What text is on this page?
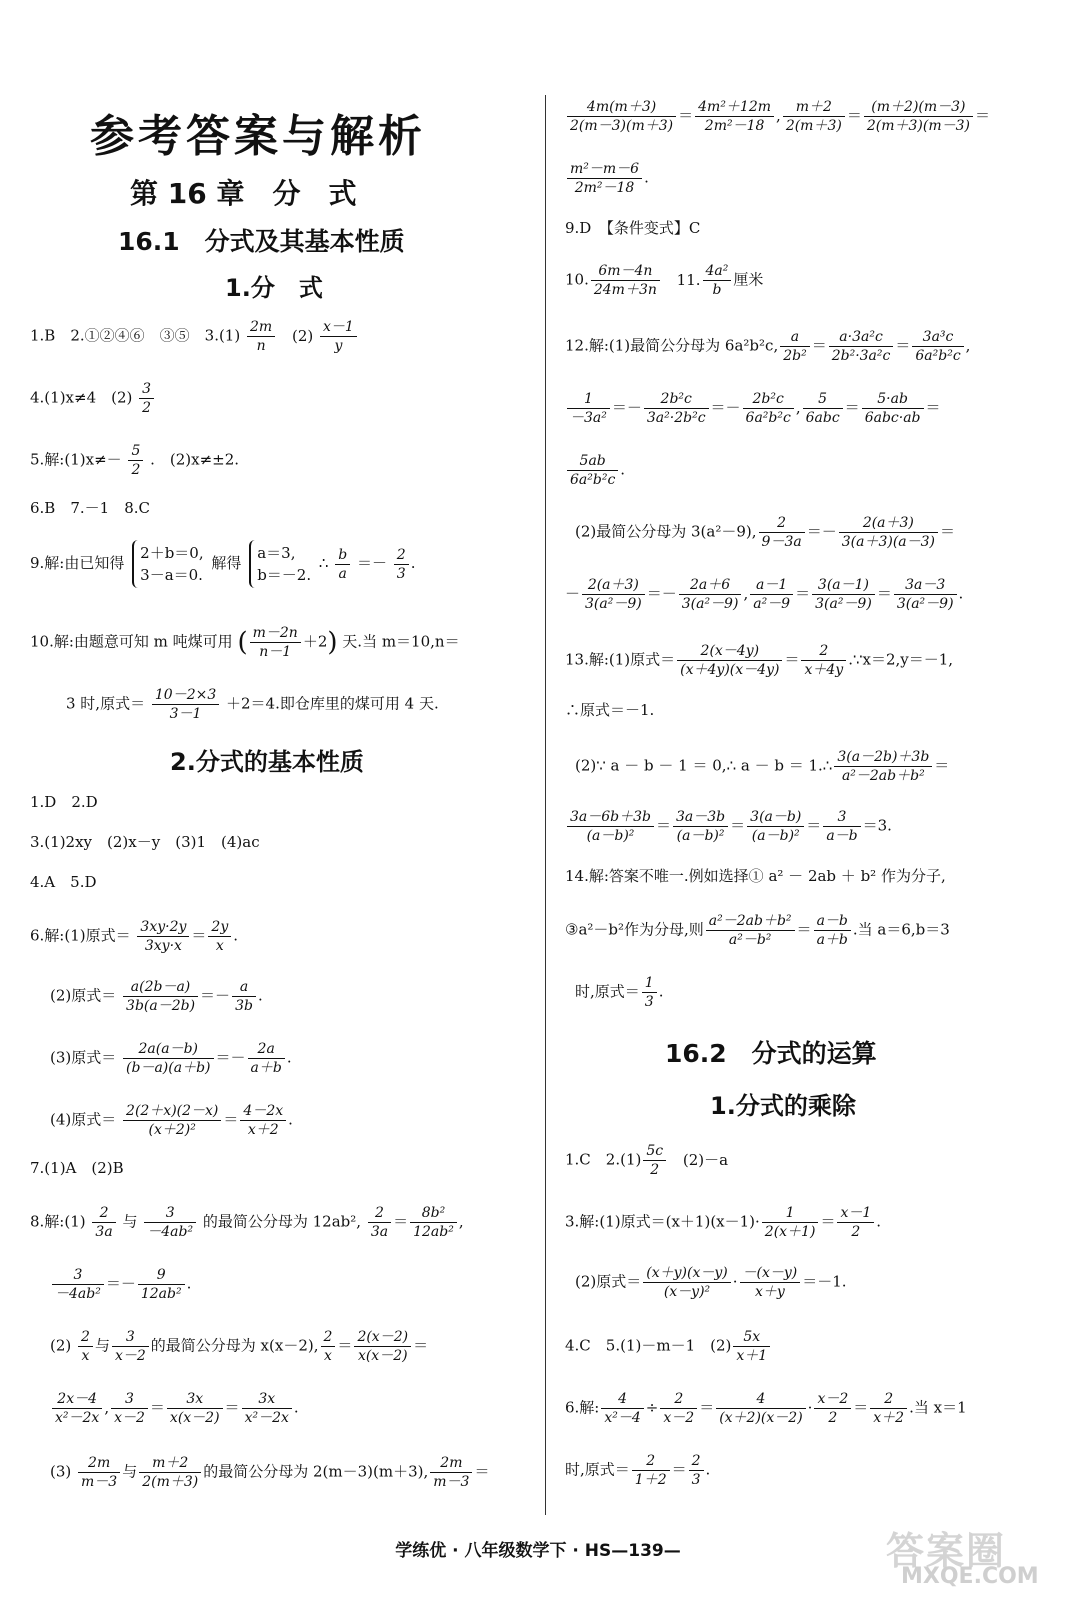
参考答案与解析
第 16 章　分　式
16.1　分式及其基本性质
1.分　式
1.B　2.①②④⑥　③⑤　$3.(1) \frac{2m}{n} (2) \frac{x-1}{y}$
4.(1)x≠4　$(2) \frac{3}{2}$
5.解:(1)x≠－ $\frac{5}{2}$ .　(2)x≠±2.
6.B　7.－1　8.C
9.解:由已知得 2＋b＝0,
3－a＝0. 解得 a＝3,
b＝－2. ∴ $\frac{b}{a} =- \frac{2}{3}$ .
10.解:由题意可知 m 吨煤可用 ( $\frac{m-2n}{n-1} +2$) 天.当 m＝10,n＝
3 时,原式＝ $\frac{10-2\times 3}{3-1} +2=4$.即仓库里的煤可用 4 天.
2.分式的基本性质
1.D　2.D
3.(1)2xy　(2)x－y　(3)1　(4)ac
4.A　5.D
6.解:(1)原式＝ $\frac{3xy\cdot 2y}{3xy\cdot x} = \frac{2y}{x}$ .
(2)原式＝ $\frac{a(2b-a)}{3b(a-2b)} =- \frac{a}{3b}$ .
(3)原式＝ $\frac{2a(a-b)}{(b-a)(a+b)} =- \frac{2a}{a+b}$ .
(4)原式＝ $\frac{2(2+x)(2-x)}{\text{(x＋2)²}} = \frac{4-2x}{x+2}$ .
7.(1)A　(2)B
8.解:(1) $\frac{2}{3a}$ 与 $\frac{3}{\text{－4ab²}}$ 的最简公分母为 12ab², $\frac{2}{3a} = \frac{\text{8b²}}{\text{12ab²}}$ ,
$\frac{3}{\text{－4ab²}} =- \frac{9}{\text{12ab²}}$ .
$(2) \frac{2}{x}$ 与 $\frac{3}{x-2}$ 的最简公分母为 x(x－2), $\frac{2}{x} = \frac{2(x-2)}{x(x-2)}$ ＝
$\frac{2x-4}{\text{x²－2x}}$ , $\frac{3}{x-2} = \frac{3x}{x(x-2)} = \frac{3x}{\text{x²－2x}}$ .
$(3) \frac{2m}{m-3}$ 与 $\frac{m+2}{2(m+3)}$ 的最简公分母为 2(m－3)(m＋3), $\frac{2m}{m-3}$ ＝
$\frac{4m(m+3)}{2(m-3)(m+3)} = \frac{\text{4m²＋12m}}{\text{2m²－18}}$ , $\frac{m+2}{2(m+3)} = \frac{(m+2)(m-3)}{2(m+3)(m-3)}$ ＝
$\frac{\text{m²－m－6}}{\text{2m²－18}}$ .
9.D　【条件变式】C
10. $\frac{6m-4n}{24m+3n} 11$. $\frac{\text{4a²}}{b}$ 厘米
12.解:(1)最简公分母为 6a²b²c, $\frac{a}{\text{2b²}} = \frac{\text{a·3a²c}}{\text{2b²·3a²c}} = \frac{\text{3a³c}}{\text{6a²b²c}}$ ,
$\frac{1}{\text{－3a²}} =- \frac{\text{2b²c}}{\text{3a²·2b²c}} =- \frac{\text{2b²c}}{\text{6a²b²c}}$ ,	5
6abc
＝	5·ab
6abc·ab
＝
$\frac{5ab}{\text{6a²b²c}}$ .
(2)最简公分母为 3(a²－9), $\frac{2}{9-3a} =- \frac{2(a+3)}{3(a+3)(a-3)}$ ＝
－ $\frac{2(a+3)}{\text{3(a²－9)}} =- \frac{2a+6}{\text{3(a²－9)}}$ , $\frac{a-1}{\text{a²－9}} = \frac{3(a-1)}{\text{3(a²－9)}} = \frac{3a-3}{\text{3(a²－9)}}$ .
13.解:(1)原式＝ $\frac{2(x-4y)}{(x+4y)(x-4y)} = \frac{2}{x+4y}$ .∵x＝2,y＝－1,
∴原式＝－1.
(2)∵ a － b － 1 ＝ 0,∴ a － b ＝ 1.∴ $\frac{3(a-2b)+3b}{\text{a²－2ab＋b²}}$ ＝
$\frac{3a-6b+3b}{\text{(a－b)²}} = \frac{3a-3b}{\text{(a－b)²}} = \frac{3(a-b)}{\text{(a－b)²}} = \frac{3}{a-b} =3$.
14.解:答案不唯一.例如选择① a² － 2ab ＋ b² 作为分子,
③a²－b²作为分母,则 $\frac{\text{a²－2ab＋b²}}{\text{a²－b²}} = \frac{a-b}{a+b}$ .当 a＝6,b＝3
时,原式＝ $\frac{1}{3}$ .
16.2　分式的运算
1.分式的乘除
1.C　$2.(1) \frac{5c}{2} (2)-a$
3.解:(1)原式$=(x+1)(x-1)\cdot \frac{1}{2(x+1)} = \frac{x-1}{2}$ .
(2)原式＝ $\frac{(x+y)(x-y)}{\text{(x－y)²}} \cdot \frac{-(x-y)}{x+y} =-1$.
4.C　5.(1)－m－1　$(2) \frac{5x}{x+1}$
6.解: $\frac{4}{\text{x²－4}} \div \frac{2}{x-2} = \frac{4}{(x+2)(x-2)} \cdot \frac{x-2}{2} = \frac{2}{x+2}$ .当 x＝1
时,原式＝ $\frac{2}{1+2} = \frac{2}{3}$ .
学练优 · 八年级数学下 · HS—139—	答案圈
MXQE.COM
